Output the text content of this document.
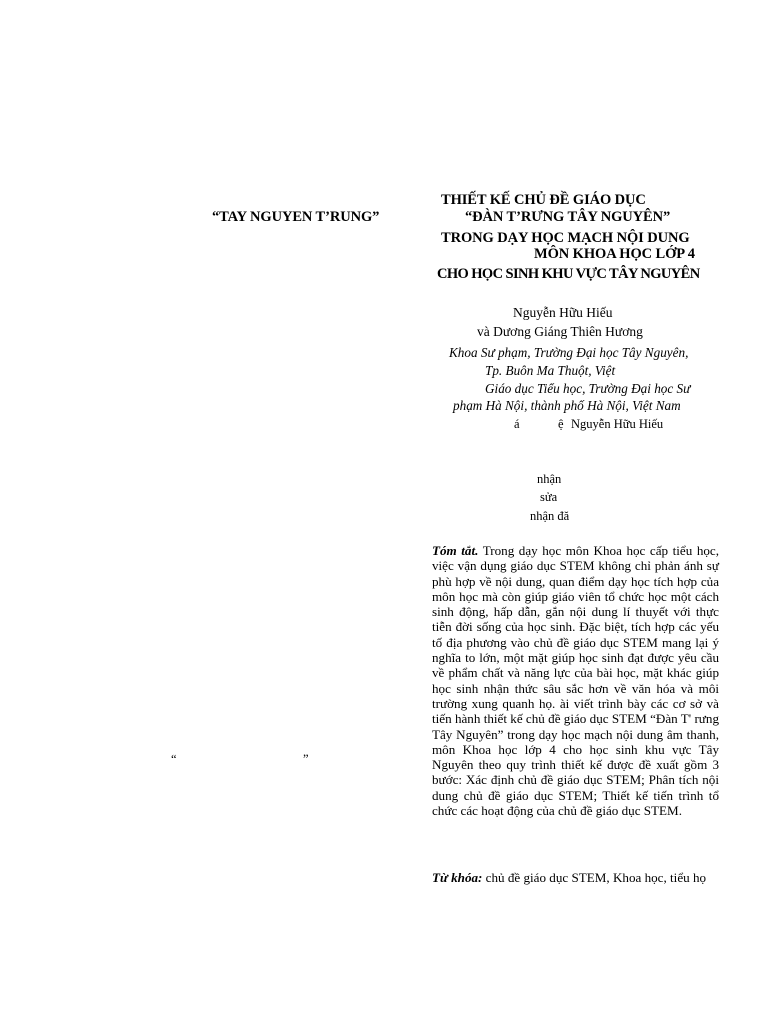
THIẾT KẾ CHỦ ĐỀ GIÁO DỤC
“TAY NGUYEN T’RUNG”	“ĐÀN T’RƯNG TÂY NGUYÊN”
TRONG DẠY HỌC MẠCH NỘI DUNG
MÔN KHOA HỌC LỚP 4
CHO HỌC SINH KHU VỰC TÂY NGUYÊN
Nguyễn Hữu Hiếu
và Dương Giáng Thiên Hương
Khoa Sư phạm, Trường Đại học Tây Nguyên,
Tp. Buôn Ma Thuột, Việt
Giáo dục Tiểu học, Trường Đại học Sư
phạm Hà Nội, thành phố Hà Nội, Việt Nam
á	ệ Nguyễn Hữu Hiếu
nhận
sửa
nhận đă
Tóm tắt. Trong dạy học môn Khoa học cấp tiểu học, việc vận dụng giáo dục STEM không chỉ phản ánh sự phù hợp về nội dung, quan điểm dạy học tích hợp của môn học mà còn giúp giáo viên tổ chức học một cách sinh động, hấp dẫn, gắn nội dung lí thuyết với thực tiễn đời sống của học sinh. Đặc biệt, tích hợp các yếu tố địa phương vào chủ đề giáo dục STEM mang lại ý nghĩa to lớn, một mặt giúp học sinh đạt được yêu cầu về phẩm chất và năng lực của bài học, mặt khác giúp học sinh nhận thức sâu sắc hơn về văn hóa và môi trường xung quanh họ. ài viết trình bày các cơ sở và tiến hành thiết kế chủ đề giáo dục STEM “Đàn T' rưng Tây Nguyên” trong dạy học mạch nội dung âm thanh, môn Khoa học lớp 4 cho học sinh khu vực Tây Nguyên theo quy trình thiết kế được đề xuất gồm 3 bước: Xác định chủ đề giáo dục STEM; Phân tích nội dung chủ đề giáo dục STEM; Thiết kế tiến trình tổ chức các hoạt động của chủ đề giáo dục STEM.
“	”
Từ khóa: chủ đề giáo dục STEM, Khoa học, tiểu họ
